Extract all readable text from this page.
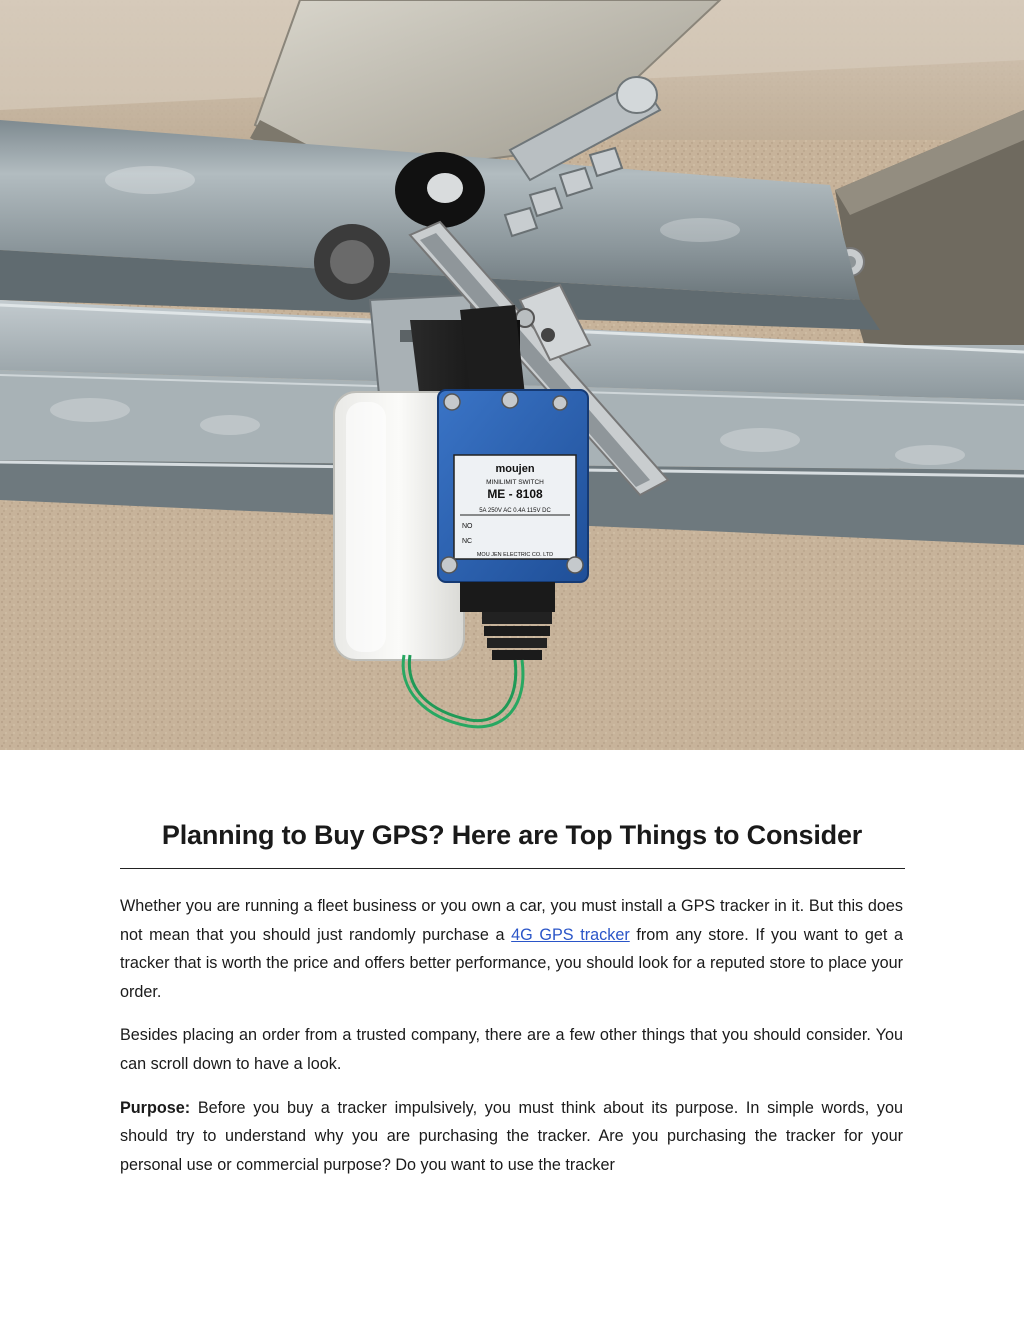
moujen
MINILIMIT SWITCH
ME - 8108
5A 250V AC 0.4A 115V DC
NO
NC
MOU JEN ELECTRIC CO. LTD
Planning to Buy GPS? Here are Top Things to Consider

Whether you are running a fleet business or you own a car, you must install a GPS tracker in it. But this does not mean that you should just randomly purchase a 4G GPS tracker from any store. If you want to get a tracker that is worth the price and offers better performance, you should look for a reputed store to place your order.

Besides placing an order from a trusted company, there are a few other things that you should consider. You can scroll down to have a look.

Purpose: Before you buy a tracker impulsively, you must think about its purpose. In simple words, you should try to understand why you are purchasing the tracker. Are you purchasing the tracker for your personal use or commercial purpose? Do you want to use the tracker
